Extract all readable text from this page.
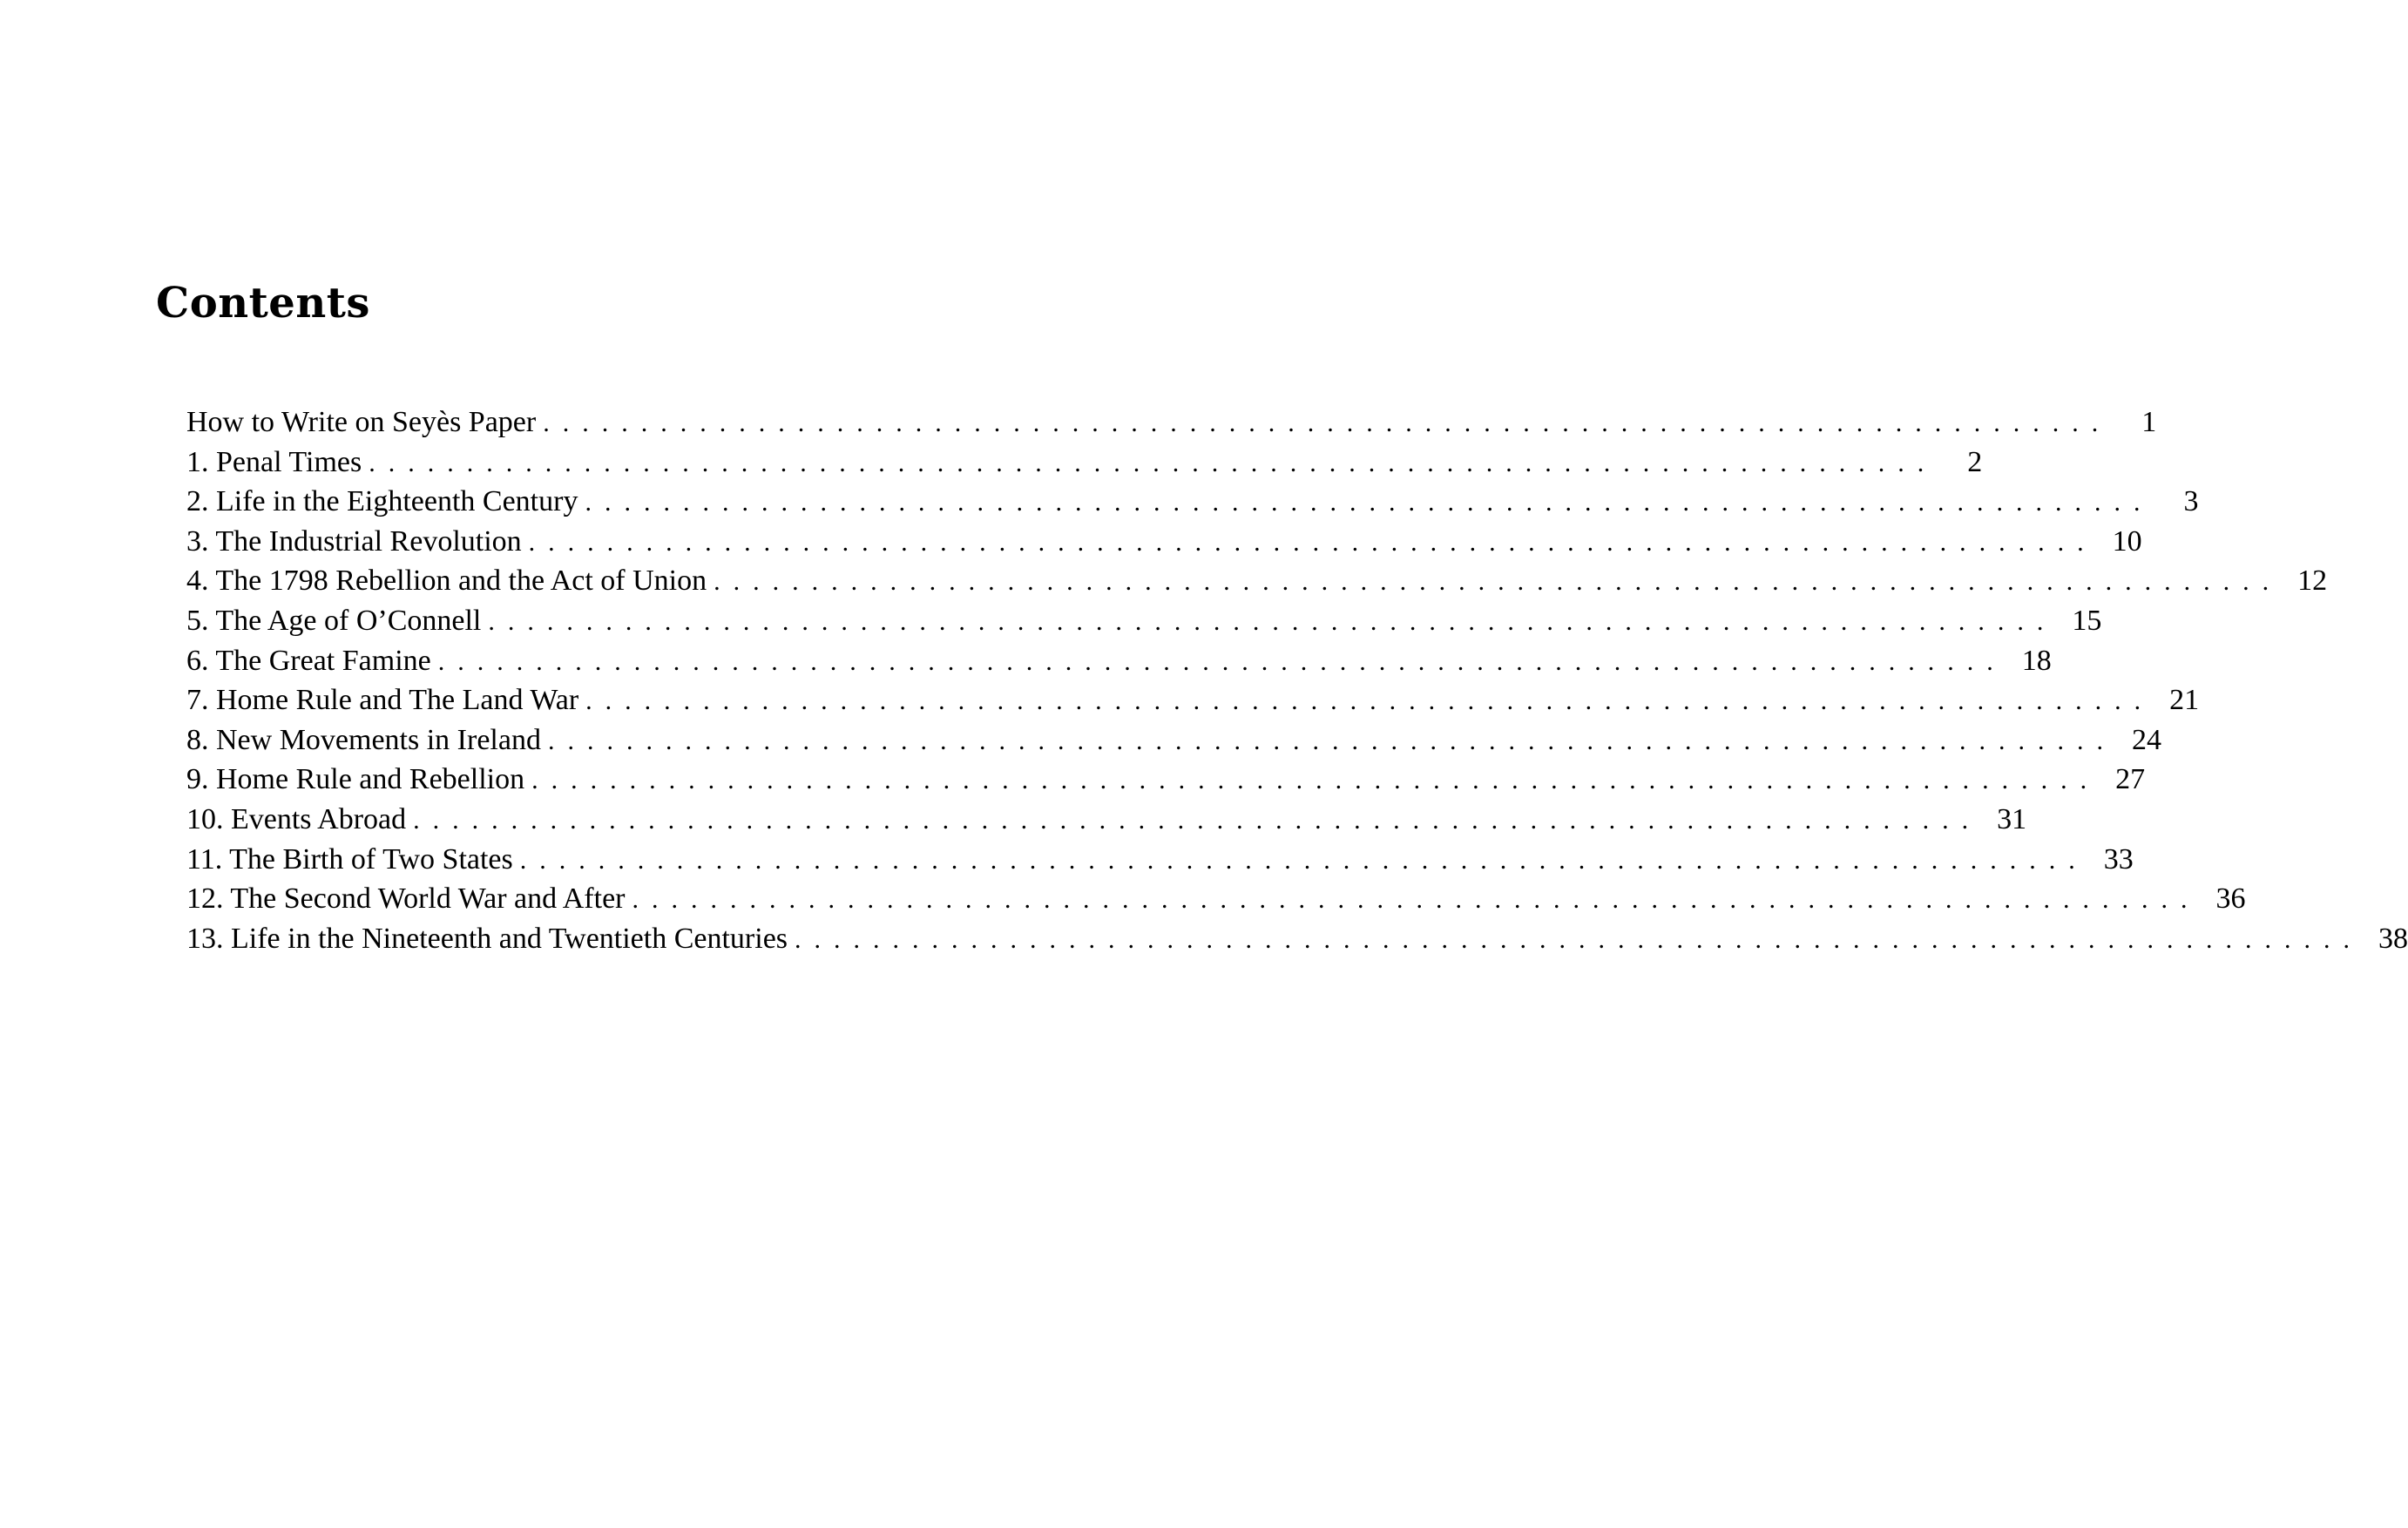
Contents
How to Write on Seyès Paper ................................................................................	1
1. Penal Times ................................................................................	2
2. Life in the Eighteenth Century ................................................................................	3
3. The Industrial Revolution ................................................................................ 10
4. The 1798 Rebellion and the Act of Union ................................................................................ 12
5. The Age of O’Connell ................................................................................ 15
6. The Great Famine ................................................................................ 18
7. Home Rule and The Land War ................................................................................ 21
8. New Movements in Ireland ................................................................................ 24
9. Home Rule and Rebellion ................................................................................ 27
10. Events Abroad ................................................................................ 31
11. The Birth of Two States ................................................................................ 33
12. The Second World War and After ................................................................................ 36
13. Life in the Nineteenth and Twentieth Centuries ................................................................................ 38
